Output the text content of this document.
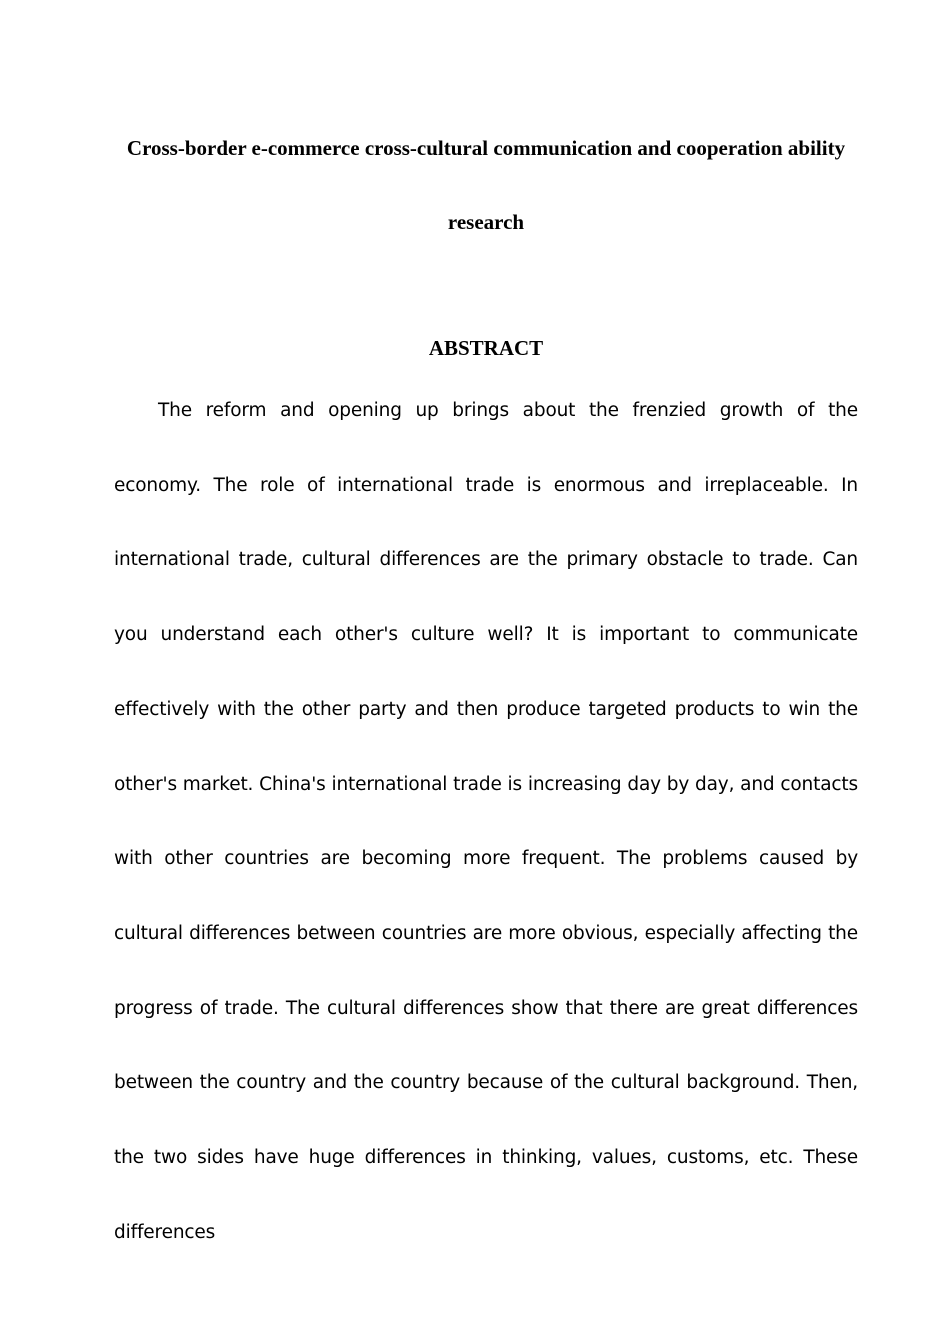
Cross-border e-commerce cross-cultural communication and cooperation ability research
ABSTRACT

The reform and opening up brings about the frenzied growth of the economy. The role of international trade is enormous and irreplaceable. In international trade, cultural differences are the primary obstacle to trade. Can you understand each other's culture well? It is important to communicate effectively with the other party and then produce targeted products to win the other's market. China's international trade is increasing day by day, and contacts with other countries are becoming more frequent. The problems caused by cultural differences between countries are more obvious, especially affecting the progress of trade. The cultural differences show that there are great differences between the country and the country because of the cultural background. Then, the two sides have huge differences in thinking, values, customs, etc. These differences
